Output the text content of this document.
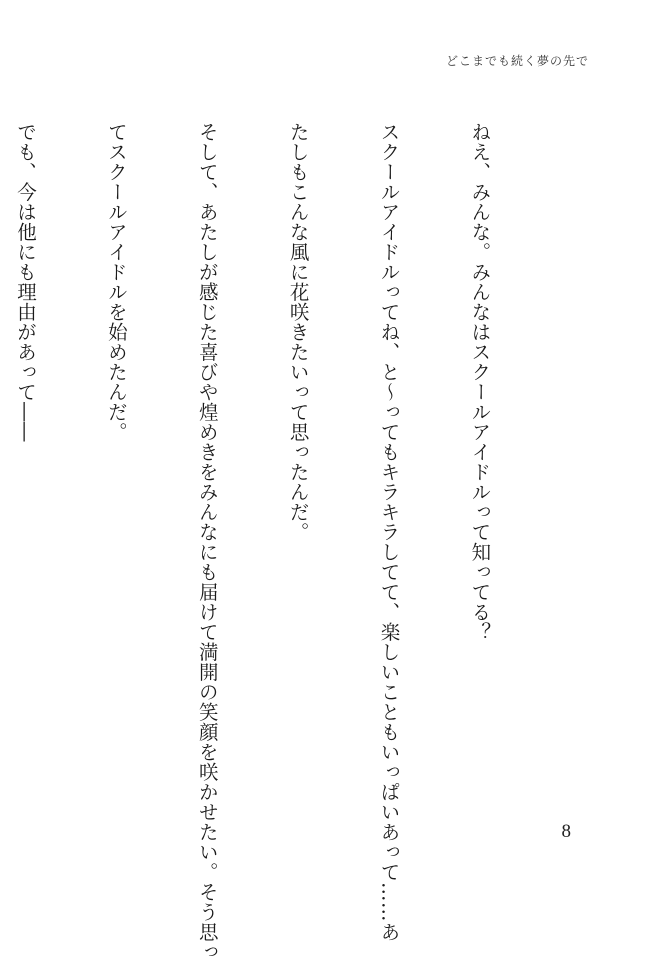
どこまでも続く夢の先で

ねえ、みんな。みんなはスクールアイドルって知ってる？

スクールアイドルってね、と～ってもキラキラしてて、楽しいこともいっぱいあって……あ

たしもこんな風に花咲きたいって思ったんだ。

そして、あたしが感じた喜びや煌めきをみんなにも届けて満開の笑顔を咲かせたい。そう思っ

てスクールアイドルを始めたんだ。

でも、今は他にも理由があって――

8
